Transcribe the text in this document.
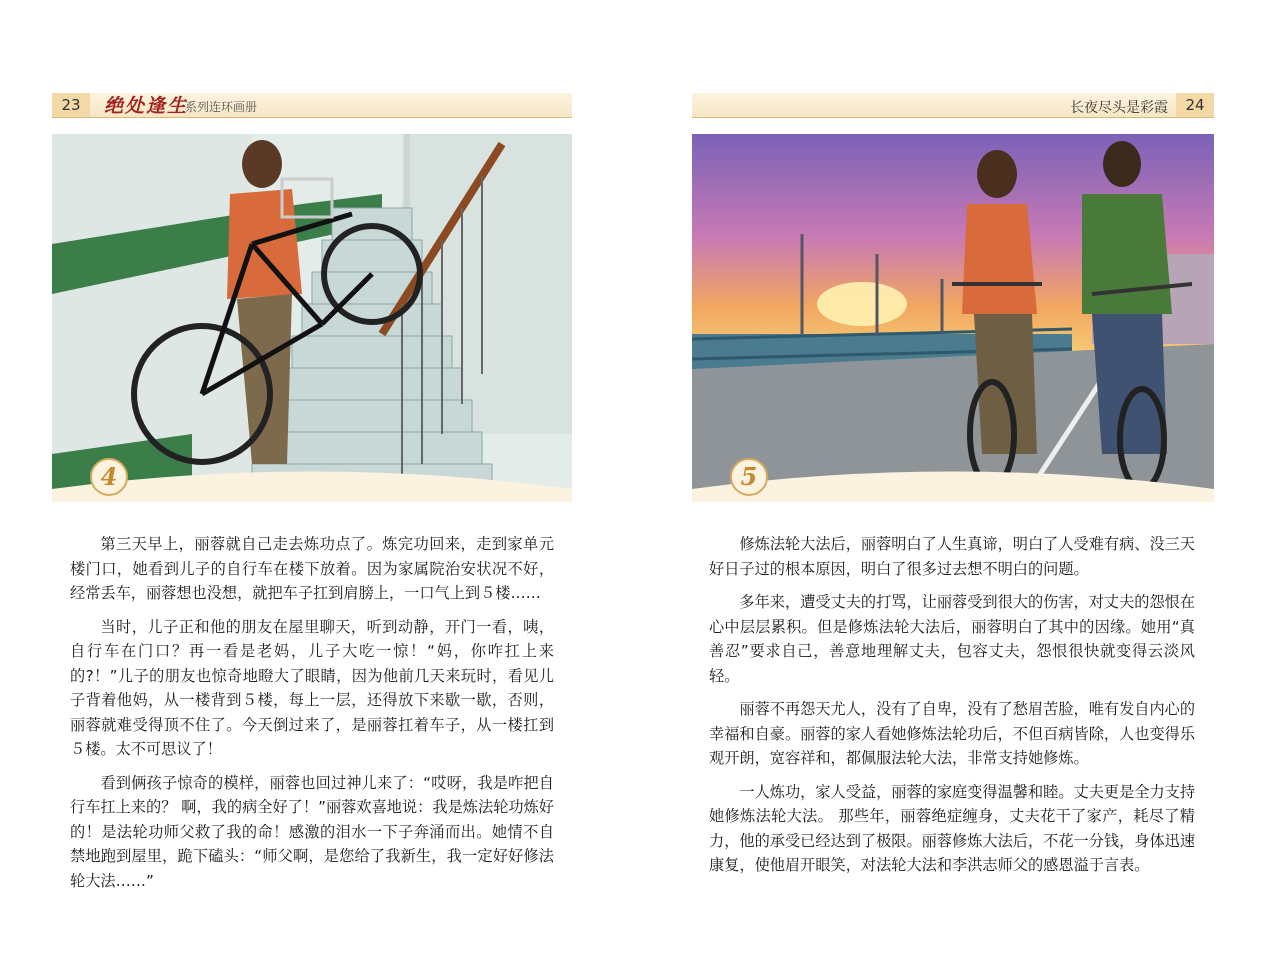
23	绝处逢生
系列连环画册
4

第三天早上，丽蓉就自己走去炼功点了。炼完功回来，走到家单元楼门口，她看到儿子的自行车在楼下放着。因为家属院治安状况不好，经常丢车，丽蓉想也没想，就把车子扛到肩膀上，一口气上到５楼……

当时，儿子正和他的朋友在屋里聊天，听到动静，开门一看，咦，自行车在门口？再一看是老妈，儿子大吃一惊！“妈，你咋扛上来的?！”儿子的朋友也惊奇地瞪大了眼睛，因为他前几天来玩时，看见儿子背着他妈，从一楼背到５楼，每上一层，还得放下来歇一歇，否则，丽蓉就难受得顶不住了。今天倒过来了，是丽蓉扛着车子，从一楼扛到５楼。太不可思议了！

看到俩孩子惊奇的模样，丽蓉也回过神儿来了：“哎呀，我是咋把自行车扛上来的？ 啊，我的病全好了！”丽蓉欢喜地说：我是炼法轮功炼好的！是法轮功师父救了我的命！感激的泪水一下子奔涌而出。她情不自禁地跑到屋里，跪下磕头：“师父啊，是您给了我新生，我一定好好修法轮大法……”

长夜尽头是彩霞	24
5

修炼法轮大法后，丽蓉明白了人生真谛，明白了人受难有病、没三天好日子过的根本原因，明白了很多过去想不明白的问题。

多年来，遭受丈夫的打骂，让丽蓉受到很大的伤害，对丈夫的怨恨在心中层层累积。但是修炼法轮大法后，丽蓉明白了其中的因缘。她用“真善忍”要求自己，善意地理解丈夫，包容丈夫，怨恨很快就变得云淡风轻。

丽蓉不再怨天尤人，没有了自卑，没有了愁眉苦脸，唯有发自内心的幸福和自豪。丽蓉的家人看她修炼法轮功后，不但百病皆除，人也变得乐观开朗，宽容祥和，都佩服法轮大法，非常支持她修炼。

一人炼功，家人受益，丽蓉的家庭变得温馨和睦。丈夫更是全力支持她修炼法轮大法。 那些年，丽蓉绝症缠身，丈夫花干了家产，耗尽了精力，他的承受已经达到了极限。丽蓉修炼大法后，不花一分钱，身体迅速康复，使他眉开眼笑，对法轮大法和李洪志师父的感恩溢于言表。
